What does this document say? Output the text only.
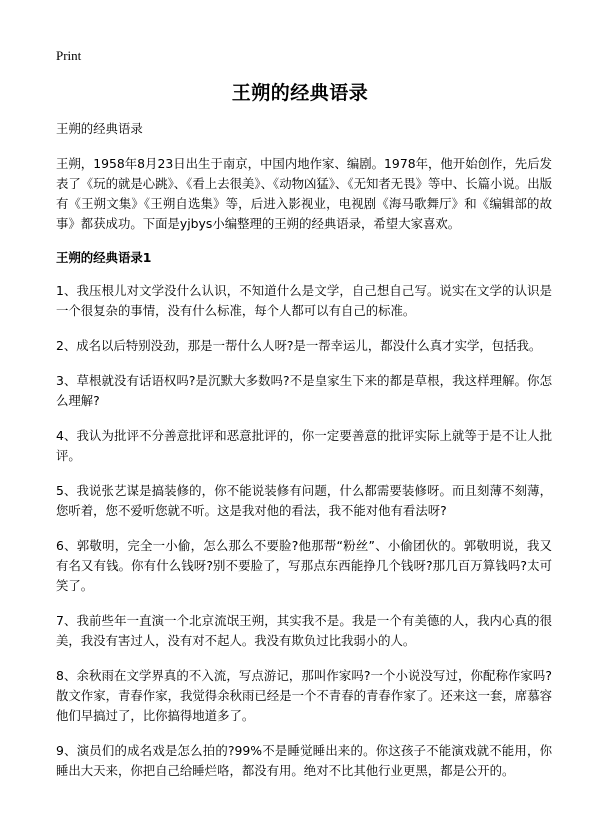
Print
王朔的经典语录

王朔的经典语录

王朔，1958年8月23日出生于南京，中国内地作家、编剧。1978年，他开始创作，先后发表了《玩的就是心跳》、《看上去很美》、《动物凶猛》、《无知者无畏》等中、长篇小说。出版有《王朔文集》《王朔自选集》等，后进入影视业，电视剧《海马歌舞厅》和《编辑部的故事》都获成功。下面是yjbys小编整理的王朔的经典语录，希望大家喜欢。

王朔的经典语录1

1、我压根儿对文学没什么认识，不知道什么是文学，自己想自己写。说实在文学的认识是一个很复杂的事情，没有什么标准，每个人都可以有自己的标准。

2、成名以后特别没劲，那是一帮什么人呀?是一帮幸运儿，都没什么真才实学，包括我。

3、草根就没有话语权吗?是沉默大多数吗?不是皇家生下来的都是草根，我这样理解。你怎么理解?

4、我认为批评不分善意批评和恶意批评的，你一定要善意的批评实际上就等于是不让人批评。

5、我说张艺谋是搞装修的，你不能说装修有问题，什么都需要装修呀。而且刻薄不刻薄，您听着，您不爱听您就不听。这是我对他的看法，我不能对他有看法呀?

6、郭敬明，完全一小偷，怎么那么不要脸?他那帮“粉丝”、小偷团伙的。郭敬明说，我又有名又有钱。你有什么钱呀?别不要脸了，写那点东西能挣几个钱呀?那几百万算钱吗?太可笑了。

7、我前些年一直演一个北京流氓王朔，其实我不是。我是一个有美德的人，我内心真的很美，我没有害过人，没有对不起人。我没有欺负过比我弱小的人。

8、余秋雨在文学界真的不入流，写点游记，那叫作家吗?一个小说没写过，你配称作家吗?散文作家，青春作家，我觉得余秋雨已经是一个不青春的青春作家了。还来这一套，席慕容他们早搞过了，比你搞得地道多了。

9、演员们的成名戏是怎么拍的?99%不是睡觉睡出来的。你这孩子不能演戏就不能用，你睡出大天来，你把自己给睡烂咯，都没有用。绝对不比其他行业更黑，都是公开的。
